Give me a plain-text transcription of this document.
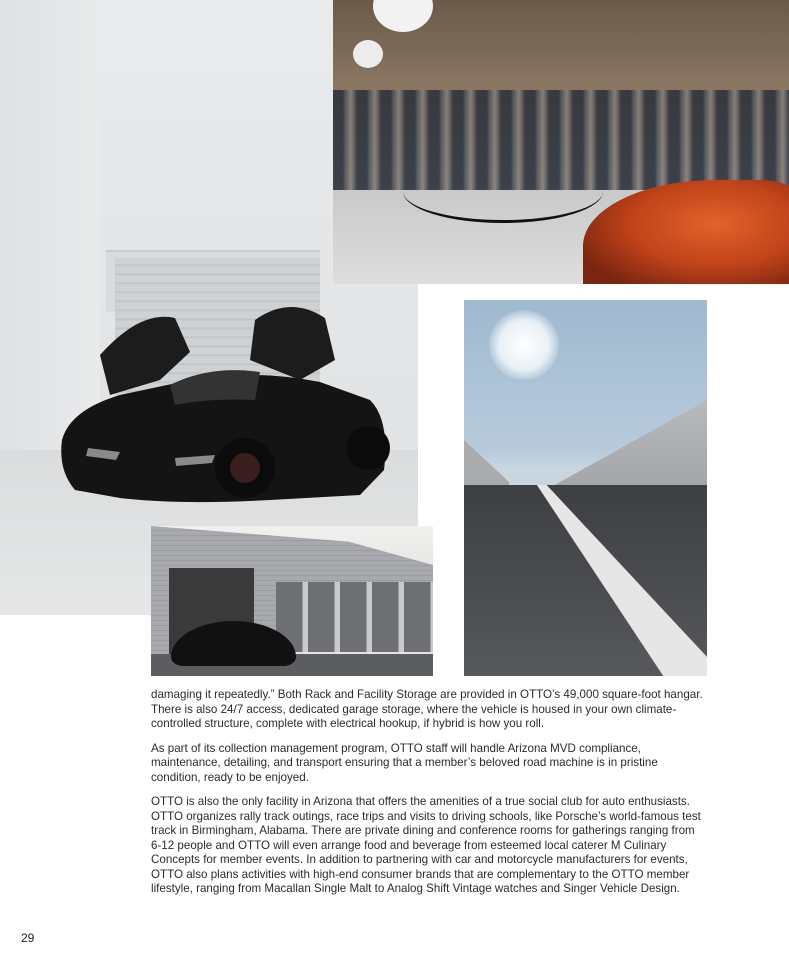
damaging it repeatedly.” Both Rack and Facility Storage are provided in OTTO’s 49,000 square-foot hangar. There is also 24/7 access, dedicated garage storage, where the vehicle is housed in your own climate-controlled structure, complete with electrical hookup, if hybrid is how you roll.

As part of its collection management program, OTTO staff will handle Arizona MVD compliance, maintenance, detailing, and transport ensuring that a member’s beloved road machine is in pristine condition, ready to be enjoyed.

OTTO is also the only facility in Arizona that offers the amenities of a true social club for auto enthusiasts. OTTO organizes rally track outings, race trips and visits to driving schools, like Porsche’s world-famous test track in Birmingham, Alabama. There are private dining and conference rooms for gatherings ranging from 6-12 people and OTTO will even arrange food and beverage from esteemed local caterer M Culinary Concepts for member events. In addition to partnering with car and motorcycle manufacturers for events, OTTO also plans activities with high-end consumer brands that are complementary to the OTTO member lifestyle, ranging from Macallan Single Malt to Analog Shift Vintage watches and Singer Vehicle Design.

29
